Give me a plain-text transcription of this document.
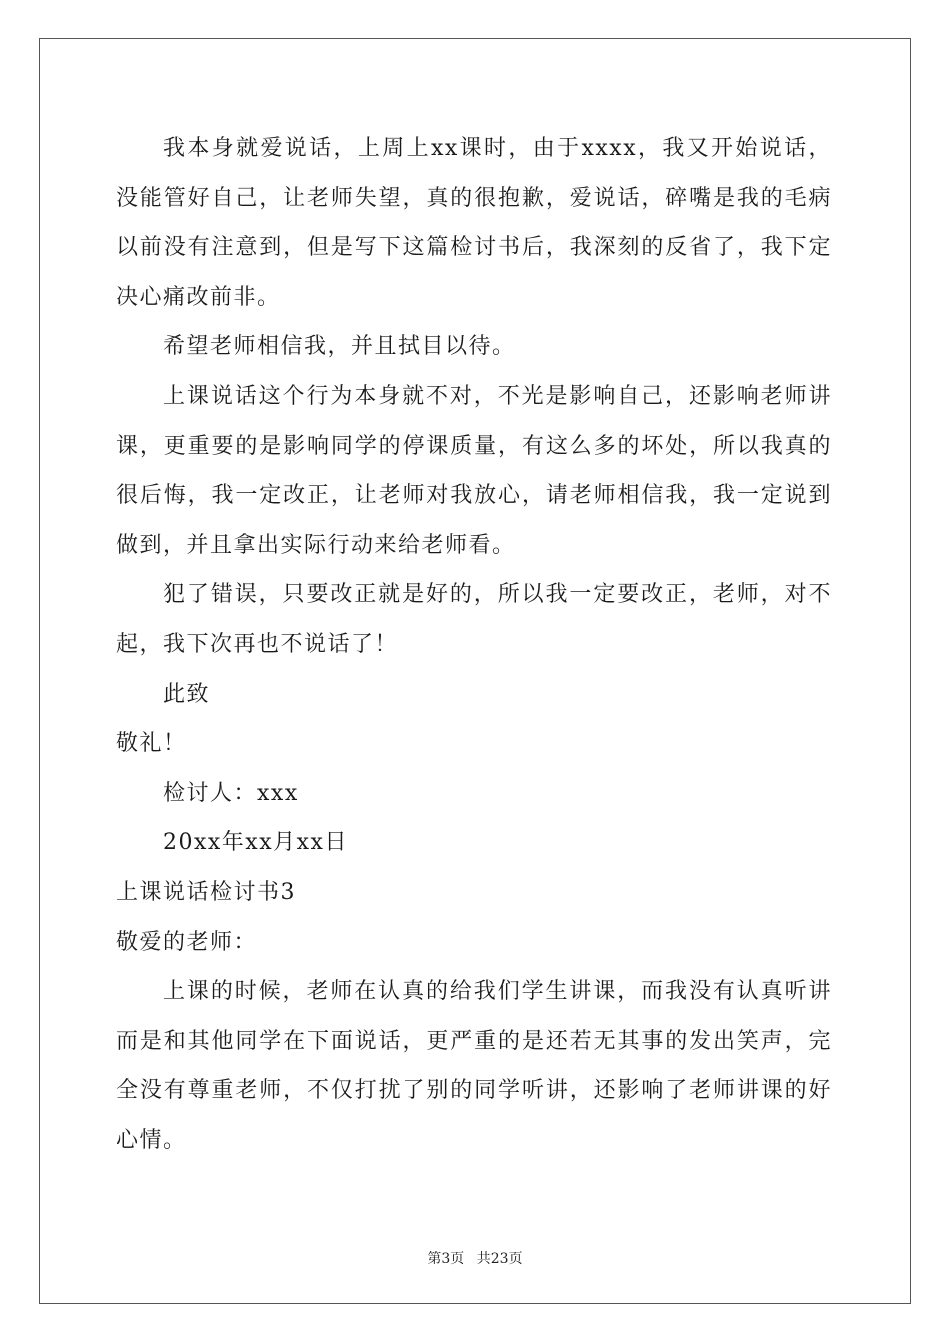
我本身就爱说话，上周上xx课时，由于xxxx，我又开始说话，没能管好自己，让老师失望，真的很抱歉，爱说话，碎嘴是我的毛病以前没有注意到，但是写下这篇检讨书后，我深刻的反省了，我下定决心痛改前非。

希望老师相信我，并且拭目以待。

上课说话这个行为本身就不对，不光是影响自己，还影响老师讲课，更重要的是影响同学的停课质量，有这么多的坏处，所以我真的很后悔，我一定改正，让老师对我放心，请老师相信我，我一定说到做到，并且拿出实际行动来给老师看。

犯了错误，只要改正就是好的，所以我一定要改正，老师，对不起，我下次再也不说话了！

此致

敬礼！

检讨人：xxx

20xx年xx月xx日

上课说话检讨书3

敬爱的老师：

上课的时候，老师在认真的给我们学生讲课，而我没有认真听讲而是和其他同学在下面说话，更严重的是还若无其事的发出笑声，完全没有尊重老师，不仅打扰了别的同学听讲，还影响了老师讲课的好心情。

第3页 共23页
